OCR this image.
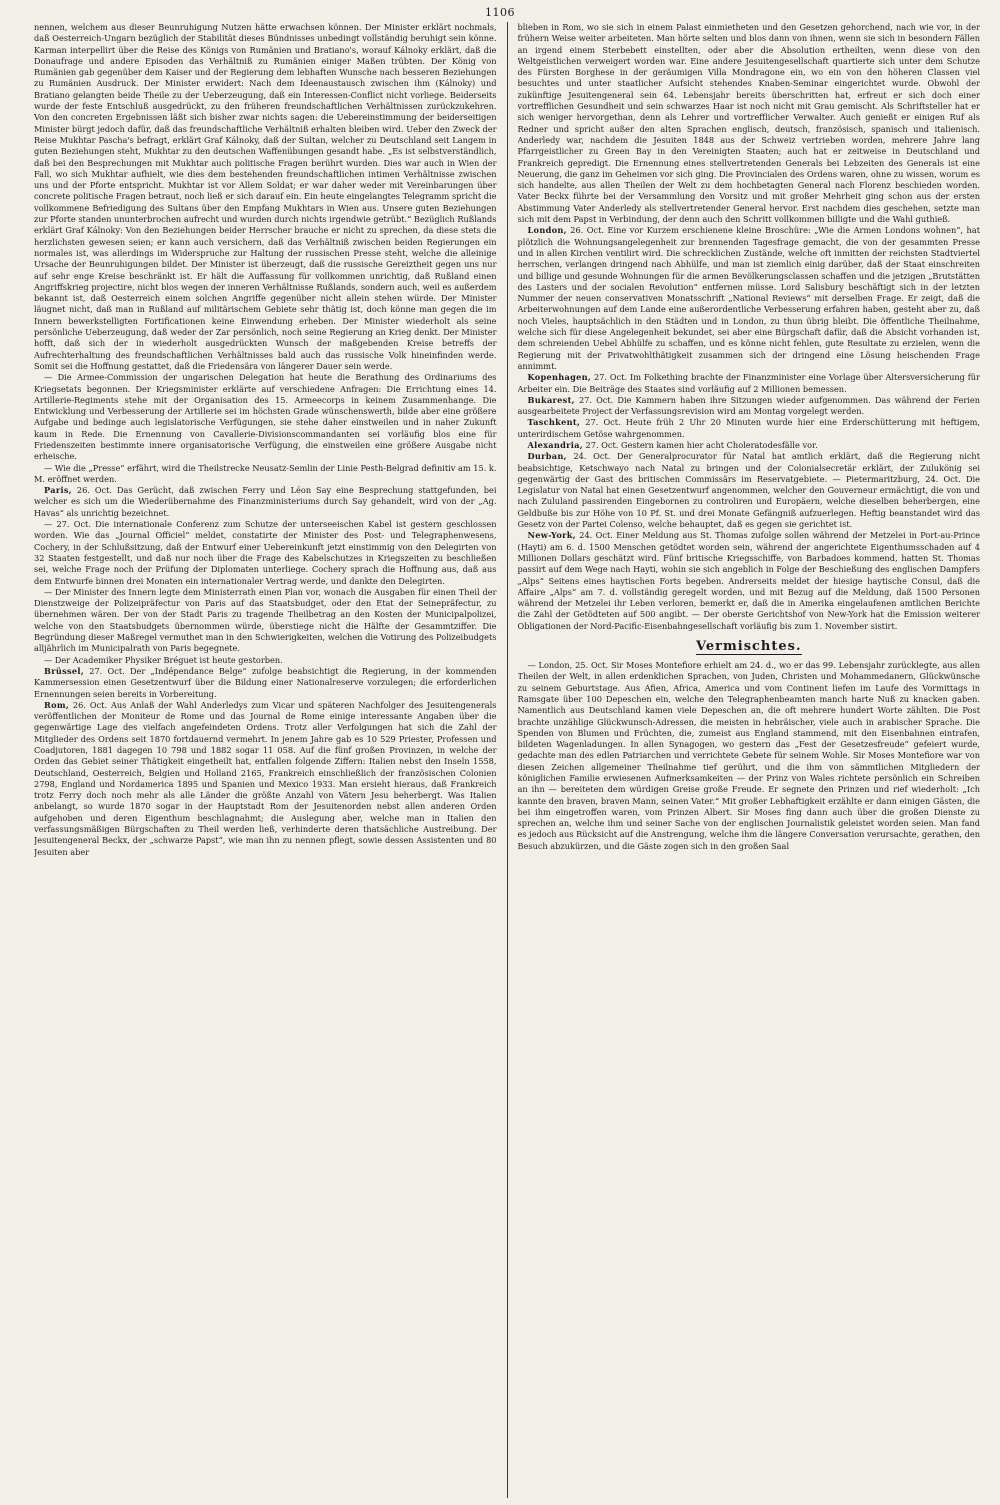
1106

nennen, welchem aus dieser Beunruhigung Nutzen hätte erwachsen können. Der Minister erklärt nochmals, daß Oesterreich-Ungarn bezüglich der Stabilität dieses Bündnisses unbedingt vollständig beruhigt sein könne. Karman interpellirt über die Reise des Königs von Rumänien und Bratiano's, worauf Kálnoky erklärt, daß die Donaufrage und andere Episoden das Verhältniß zu Rumänien einiger Maßen trübten. Der König von Rumänien gab gegenüber dem Kaiser und der Regierung dem lebhaften Wunsche nach besseren Beziehungen zu Rumänien Ausdruck. Der Minister erwidert: Nach dem Ideenaustausch zwischen ihm (Kálnoky) und Bratiano gelangten beide Theile zu der Ueberzeugung, daß ein Interessen-Conflict nicht vorliege. Beiderseits wurde der feste Entschluß ausgedrückt, zu den früheren freundschaftlichen Verhältnissen zurückzukehren. Von den concreten Ergebnissen läßt sich bisher zwar nichts sagen: die Uebereinstimmung der beiderseitigen Minister bürgt jedoch dafür, daß das freundschaftliche Verhältniß erhalten bleiben wird. Ueber den Zweck der Reise Mukhtar Pascha's befragt, erklärt Graf Kálnoky, daß der Sultan, welcher zu Deutschland seit Langem in guten Beziehungen steht, Mukhtar zu den deutschen Waffenübungen gesandt habe. „Es ist selbstverständlich, daß bei den Besprechungen mit Mukhtar auch politische Fragen berührt wurden. Dies war auch in Wien der Fall, wo sich Mukhtar aufhielt, wie dies dem bestehenden freundschaftlichen intimen Verhältnisse zwischen uns und der Pforte entspricht. Mukhtar ist vor Allem Soldat; er war daher weder mit Vereinbarungen über concrete politische Fragen betraut, noch ließ er sich darauf ein. Ein heute eingelangtes Telegramm spricht die vollkommene Befriedigung des Sultans über den Empfang Mukhtars in Wien aus. Unsere guten Beziehungen zur Pforte standen ununterbrochen aufrecht und wurden durch nichts irgendwie getrübt.“ Bezüglich Rußlands erklärt Graf Kálnoky: Von den Beziehungen beider Herrscher brauche er nicht zu sprechen, da diese stets die herzlichsten gewesen seien; er kann auch versichern, daß das Verhältniß zwischen beiden Regierungen ein normales ist, was allerdings im Widerspruche zur Haltung der russischen Presse steht, welche die alleinige Ursache der Beunruhigungen bildet. Der Minister ist überzeugt, daß die russische Gereiztheit gegen uns nur auf sehr enge Kreise beschränkt ist. Er hält die Auffassung für vollkommen unrichtig, daß Rußland einen Angriffskrieg projectire, nicht blos wegen der inneren Verhältnisse Rußlands, sondern auch, weil es außerdem bekannt ist, daß Oesterreich einem solchen Angriffe gegenüber nicht allein stehen würde. Der Minister läugnet nicht, daß man in Rußland auf militärischem Gebiete sehr thätig ist, doch könne man gegen die im Innern bewerkstelligten Fortificationen keine Einwendung erheben. Der Minister wiederholt als seine persönliche Ueberzeugung, daß weder der Zar persönlich, noch seine Regierung an Krieg denkt. Der Minister hofft, daß sich der in wiederholt ausgedrückten Wunsch der maßgebenden Kreise betreffs der Aufrechterhaltung des freundschaftlichen Verhältnisses bald auch das russische Volk hineinfinden werde. Somit sei die Hoffnung gestattet, daß die Friedensära von längerer Dauer sein werde.

— Die Armee-Commission der ungarischen Delegation hat heute die Berathung des Ordinariums des Kriegsetats begonnen. Der Kriegsminister erklärte auf verschiedene Anfragen: Die Errichtung eines 14. Artillerie-Regiments stehe mit der Organisation des 15. Armeecorps in keinem Zusammenhange. Die Entwicklung und Verbesserung der Artillerie sei im höchsten Grade wünschenswerth, bilde aber eine größere Aufgabe und bedinge auch legislatorische Verfügungen, sie stehe daher einstweilen und in naher Zukunft kaum in Rede. Die Ernennung von Cavallerie-Divisionscommandanten sei vorläufig blos eine für Friedenszeiten bestimmte innere organisatorische Verfügung, die einstweilen eine größere Ausgabe nicht erheische.

— Wie die „Presse“ erfährt, wird die Theilstrecke Neusatz-Semlin der Linie Pesth-Belgrad definitiv am 15. k. M. eröffnet werden.

Paris, 26. Oct. Das Gerücht, daß zwischen Ferry und Léon Say eine Besprechung stattgefunden, bei welcher es sich um die Wiederübernahme des Finanzministeriums durch Say gehandelt, wird von der „Ag. Havas“ als unrichtig bezeichnet.

— 27. Oct. Die internationale Conferenz zum Schutze der unterseeischen Kabel ist gestern geschlossen worden. Wie das „Journal Officiel“ meldet, constatirte der Minister des Post- und Telegraphenwesens, Cochery, in der Schlußsitzung, daß der Entwurf einer Uebereinkunft jetzt einstimmig von den Delegirten von 32 Staaten festgestellt, und daß nur noch über die Frage des Kabelschutzes in Kriegszeiten zu beschließen sei, welche Frage noch der Prüfung der Diplomaten unterliege. Cochery sprach die Hoffnung aus, daß aus dem Entwurfe binnen drei Monaten ein internationaler Vertrag werde, und dankte den Delegirten.

— Der Minister des Innern legte dem Ministerrath einen Plan vor, wonach die Ausgaben für einen Theil der Dienstzweige der Polizeipräfectur von Paris auf das Staatsbudget, oder den Etat der Seinepräfectur, zu übernehmen wären. Der von der Stadt Paris zu tragende Theilbetrag an den Kosten der Municipalpolizei, welche von den Staatsbudgets übernommen würde, überstiege nicht die Hälfte der Gesammtziffer. Die Begründung dieser Maßregel vermuthet man in den Schwierigkeiten, welchen die Votirung des Polizeibudgets alljährlich im Municipalrath von Paris begegnete.

— Der Academiker Physiker Bréguet ist heute gestorben.

Brüssel, 27. Oct. Der „Indépendance Belge“ zufolge beabsichtigt die Regierung, in der kommenden Kammersession einen Gesetzentwurf über die Bildung einer Nationalreserve vorzulegen; die erforderlichen Ernennungen seien bereits in Vorbereitung.

Rom, 26. Oct. Aus Anlaß der Wahl Anderledys zum Vicar und späteren Nachfolger des Jesuitengenerals veröffentlichen der Moniteur de Rome und das Journal de Rome einige interessante Angaben über die gegenwärtige Lage des vielfach angefeindeten Ordens. Trotz aller Verfolgungen hat sich die Zahl der Mitglieder des Ordens seit 1870 fortdauernd vermehrt. In jenem Jahre gab es 10 529 Priester, Professen und Coadjutoren, 1881 dagegen 10 798 und 1882 sogar 11 058. Auf die fünf großen Provinzen, in welche der Orden das Gebiet seiner Thätigkeit eingetheilt hat, entfallen folgende Ziffern: Italien nebst den Inseln 1558, Deutschland, Oesterreich, Belgien und Holland 2165, Frankreich einschließlich der französischen Colonien 2798, England und Nordamerica 1895 und Spanien und Mexico 1933. Man ersieht hieraus, daß Frankreich trotz Ferry doch noch mehr als alle Länder die größte Anzahl von Vätern Jesu beherbergt. Was Italien anbelangt, so wurde 1870 sogar in der Hauptstadt Rom der Jesuitenorden nebst allen anderen Orden aufgehoben und deren Eigenthum beschlagnahmt; die Auslegung aber, welche man in Italien den verfassungsmäßigen Bürgschaften zu Theil werden ließ, verhinderte deren thatsächliche Austreibung. Der Jesuitengeneral Beckx, der „schwarze Papst“, wie man ihn zu nennen pflegt, sowie dessen Assistenten und 80 Jesuiten aber

blieben in Rom, wo sie sich in einem Palast einmietheten und den Gesetzen gehorchend, nach wie vor, in der frühern Weise weiter arbeiteten. Man hörte selten und blos dann von ihnen, wenn sie sich in besondern Fällen an irgend einem Sterbebett einstellten, oder aber die Absolution ertheilten, wenn diese von den Weltgeistlichen verweigert worden war. Eine andere Jesuitengesellschaft quartierte sich unter dem Schutze des Fürsten Borghese in der geräumigen Villa Mondragone ein, wo ein von den höheren Classen viel besuchtes und unter staatlicher Aufsicht stehendes Knaben-Seminar eingerichtet wurde. Obwohl der zukünftige Jesuitengeneral sein 64. Lebensjahr bereits überschritten hat, erfreut er sich doch einer vortrefflichen Gesundheit und sein schwarzes Haar ist noch nicht mit Grau gemischt. Als Schriftsteller hat er sich weniger hervorgethan, denn als Lehrer und vortrefflicher Verwalter. Auch genießt er einigen Ruf als Redner und spricht außer den alten Sprachen englisch, deutsch, französisch, spanisch und italienisch. Anderledy war, nachdem die Jesuiten 1848 aus der Schweiz vertrieben worden, mehrere Jahre lang Pfarrgeistlicher zu Green Bay in den Vereinigten Staaten; auch hat er zeitweise in Deutschland und Frankreich gepredigt. Die Ernennung eines stellvertretenden Generals bei Lebzeiten des Generals ist eine Neuerung, die ganz im Geheimen vor sich ging. Die Provincialen des Ordens waren, ohne zu wissen, worum es sich handelte, aus allen Theilen der Welt zu dem hochbetagten General nach Florenz beschieden worden. Vater Beckx führte bei der Versammlung den Vorsitz und mit großer Mehrheit ging schon aus der ersten Abstimmung Vater Anderledy als stellvertretender General hervor. Erst nachdem dies geschehen, setzte man sich mit dem Papst in Verbindung, der denn auch den Schritt vollkommen billigte und die Wahl guthieß.

London, 26. Oct. Eine vor Kurzem erschienene kleine Broschüre: „Wie die Armen Londons wohnen“, hat plötzlich die Wohnungsangelegenheit zur brennenden Tagesfrage gemacht, die von der gesammten Presse und in allen Kirchen ventilirt wird. Die schrecklichen Zustände, welche oft inmitten der reichsten Stadtviertel herrschen, verlangen dringend nach Abhülfe, und man ist ziemlich einig darüber, daß der Staat einschreiten und billige und gesunde Wohnungen für die armen Bevölkerungsclassen schaffen und die jetzigen „Brutstätten des Lasters und der socialen Revolution“ entfernen müsse. Lord Salisbury beschäftigt sich in der letzten Nummer der neuen conservativen Monatsschrift „National Reviews“ mit derselben Frage. Er zeigt, daß die Arbeiterwohnungen auf dem Lande eine außerordentliche Verbesserung erfahren haben, gesteht aber zu, daß noch Vieles, hauptsächlich in den Städten und in London, zu thun übrig bleibt. Die öffentliche Theilnahme, welche sich für diese Angelegenheit bekundet, sei aber eine Bürgschaft dafür, daß die Absicht vorhanden ist, dem schreienden Uebel Abhülfe zu schaffen, und es könne nicht fehlen, gute Resultate zu erzielen, wenn die Regierung mit der Privatwohlthätigkeit zusammen sich der dringend eine Lösung heischenden Frage annimmt.

Kopenhagen, 27. Oct. Im Folkething brachte der Finanzminister eine Vorlage über Altersversicherung für Arbeiter ein. Die Beiträge des Staates sind vorläufig auf 2 Millionen bemessen.

Bukarest, 27. Oct. Die Kammern haben ihre Sitzungen wieder aufgenommen. Das während der Ferien ausgearbeitete Project der Verfassungsrevision wird am Montag vorgelegt werden.

Taschkent, 27. Oct. Heute früh 2 Uhr 20 Minuten wurde hier eine Erderschütterung mit heftigem, unterirdischem Getöse wahrgenommen.

Alexandria, 27. Oct. Gestern kamen hier acht Choleratodesfälle vor.

Durban, 24. Oct. Der Generalprocurator für Natal hat amtlich erklärt, daß die Regierung nicht beabsichtige, Ketschwayo nach Natal zu bringen und der Colonialsecretär erklärt, der Zulukönig sei gegenwärtig der Gast des britischen Commissärs im Reservatgebiete. — Pietermaritzburg, 24. Oct. Die Legislatur von Natal hat einen Gesetzentwurf angenommen, welcher den Gouverneur ermächtigt, die von und nach Zululand passirenden Eingebornen zu controliren und Europäern, welche dieselben beherbergen, eine Geldbuße bis zur Höhe von 10 Pf. St. und drei Monate Gefängniß aufzuerlegen. Heftig beanstandet wird das Gesetz von der Partei Colenso, welche behauptet, daß es gegen sie gerichtet ist.

New-York, 24. Oct. Einer Meldung aus St. Thomas zufolge sollen während der Metzelei in Port-au-Prince (Hayti) am 6. d. 1500 Menschen getödtet worden sein, während der angerichtete Eigenthumsschaden auf 4 Millionen Dollars geschätzt wird. Fünf britische Kriegsschiffe, von Barbadoes kommend, hatten St. Thomas passirt auf dem Wege nach Hayti, wohin sie sich angeblich in Folge der Beschießung des englischen Dampfers „Alps“ Seitens eines haytischen Forts begeben. Andrerseits meldet der hiesige haytische Consul, daß die Affaire „Alps“ am 7. d. vollständig geregelt worden, und mit Bezug auf die Meldung, daß 1500 Personen während der Metzelei ihr Leben verloren, bemerkt er, daß die in Amerika eingelaufenen amtlichen Berichte die Zahl der Getödteten auf 500 angibt. — Der oberste Gerichtshof von New-York hat die Emission weiterer Obligationen der Nord-Pacific-Eisenbahngesellschaft vorläufig bis zum 1. November sistirt.

Vermischtes.

— London, 25. Oct. Sir Moses Montefiore erhielt am 24. d., wo er das 99. Lebensjahr zurücklegte, aus allen Theilen der Welt, in allen erdenklichen Sprachen, von Juden, Christen und Mohammedanern, Glückwünsche zu seinem Geburtstage. Aus Afien, Africa, America und vom Continent liefen im Laufe des Vormittags in Ramsgate über 100 Depeschen ein, welche den Telegraphenbeamten manch harte Nuß zu knacken gaben. Namentlich aus Deutschland kamen viele Depeschen an, die oft mehrere hundert Worte zählten. Die Post brachte unzählige Glückwunsch-Adressen, die meisten in hebräischer, viele auch in arabischer Sprache. Die Spenden von Blumen und Früchten, die, zumeist aus England stammend, mit den Eisenbahnen eintrafen, bildeten Wagenladungen. In allen Synagogen, wo gestern das „Fest der Gesetzesfreude“ gefeiert wurde, gedachte man des edlen Patriarchen und verrichtete Gebete für seinem Wohle. Sir Moses Montefiore war von diesen Zeichen allgemeiner Theilnahme tief gerührt, und die ihm von sämmtlichen Mitgliedern der königlichen Familie erwiesenen Aufmerksamkeiten — der Prinz von Wales richtete persönlich ein Schreiben an ihn — bereiteten dem würdigen Greise große Freude. Er segnete den Prinzen und rief wiederholt: „Ich kannte den braven, braven Mann, seinen Vater.“ Mit großer Lebhaftigkeit erzählte er dann einigen Gästen, die bei ihm eingetroffen waren, vom Prinzen Albert. Sir Moses fing dann auch über die großen Dienste zu sprechen an, welche ihm und seiner Sache von der englischen Journalistik geleistet worden seien. Man fand es jedoch aus Rücksicht auf die Anstrengung, welche ihm die längere Conversation verursachte, gerathen, den Besuch abzukürzen, und die Gäste zogen sich in den großen Saal
